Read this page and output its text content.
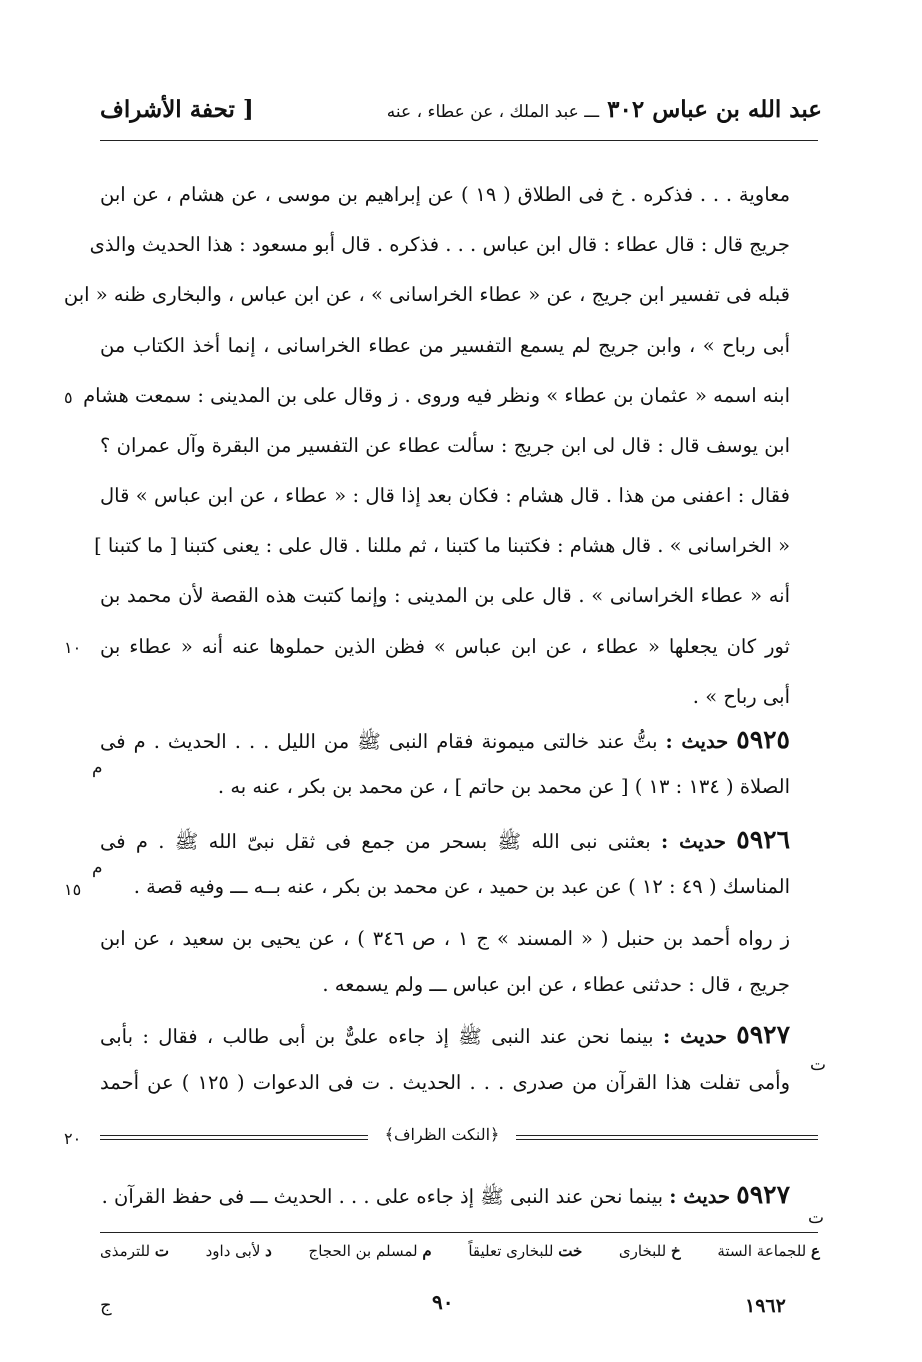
عبد الله بن عباس ۳۰۲ ـــ عبد الملك ، عن عطاء ، عنه
[ تحفة الأشراف
معاوية . . . فذكره . خ فى الطلاق ( ١٩ ) عن إبراهيم بن موسى ، عن هشام ، عن ابن
جريج قال : قال عطاء : قال ابن عباس . . . فذكره . قال أبو مسعود : هذا الحديث والذى
قبله فى تفسير ابن جريج ، عن « عطاء الخراسانى » ، عن ابن عباس ، والبخارى ظنه « ابن
أبى رباح » ، وابن جريج لم يسمع التفسير من عطاء الخراسانى ، إنما أخذ الكتاب من
ابنه اسمه « عثمان بن عطاء » ونظر فيه وروى . ز وقال على بن المدينى : سمعت هشام
ابن يوسف قال : قال لى ابن جريج : سألت عطاء عن التفسير من البقرة وآل عمران ؟
فقال : اعفنى من هذا . قال هشام : فكان بعد إذا قال : « عطاء ، عن ابن عباس » قال
« الخراسانى » . قال هشام : فكتبنا ما كتبنا ، ثم مللنا . قال على : يعنى كتبنا [ ما كتبنا ]
أنه « عطاء الخراسانى » . قال على بن المدينى : وإنما كتبت هذه القصة لأن محمد بن
ثور كان يجعلها « عطاء ، عن ابن عباس » فظن الذين حملوها عنه أنه « عطاء بن
أبى رباح » .
٥٩٢٥ حديث : بتُّ عند خالتى ميمونة فقام النبى ﷺ من الليل . . . الحديث . م فى
الصلاة ( ١٣٤ : ١٣ ) [ عن محمد بن حاتم ] ، عن محمد بن بكر ، عنه به .
م
٥٩٢٦ حديث : بعثنى نبى الله ﷺ بسحر من جمع فى ثقل نبىّ الله ﷺ . م فى
المناسك ( ٤٩ : ١٢ ) عن عبد بن حميد ، عن محمد بن بكر ، عنه بــه ـــ وفيه قصة .
ز رواه أحمد بن حنبل ( « المسند » ج ١ ، ص ٣٤٦ ) ، عن يحيى بن سعيد ، عن ابن
جريج ، قال : حدثنى عطاء ، عن ابن عباس ـــ ولم يسمعه .
م
٥٩٢٧ حديث : بينما نحن عند النبى ﷺ إذ جاءه علىٌّ بن أبى طالب ، فقال : بأبى
وأمى تفلت هذا القرآن من صدرى . . . الحديث . ت فى الدعوات ( ١٢٥ ) عن أحمد
ت
٥
١٠
١٥
٢٠	﴿النكت الظراف﴾
٥٩٢٧ حديث : بينما نحن عند النبى ﷺ إذ جاءه على . . . الحديث ـــ فى حفظ القرآن .
ت
ع للجماعة الستة
خ للبخارى
خت للبخارى تعليقاً
م لمسلم بن الحجاج
د لأبى داود
ت للترمذى
٩٠	١٩٦٢
ج
